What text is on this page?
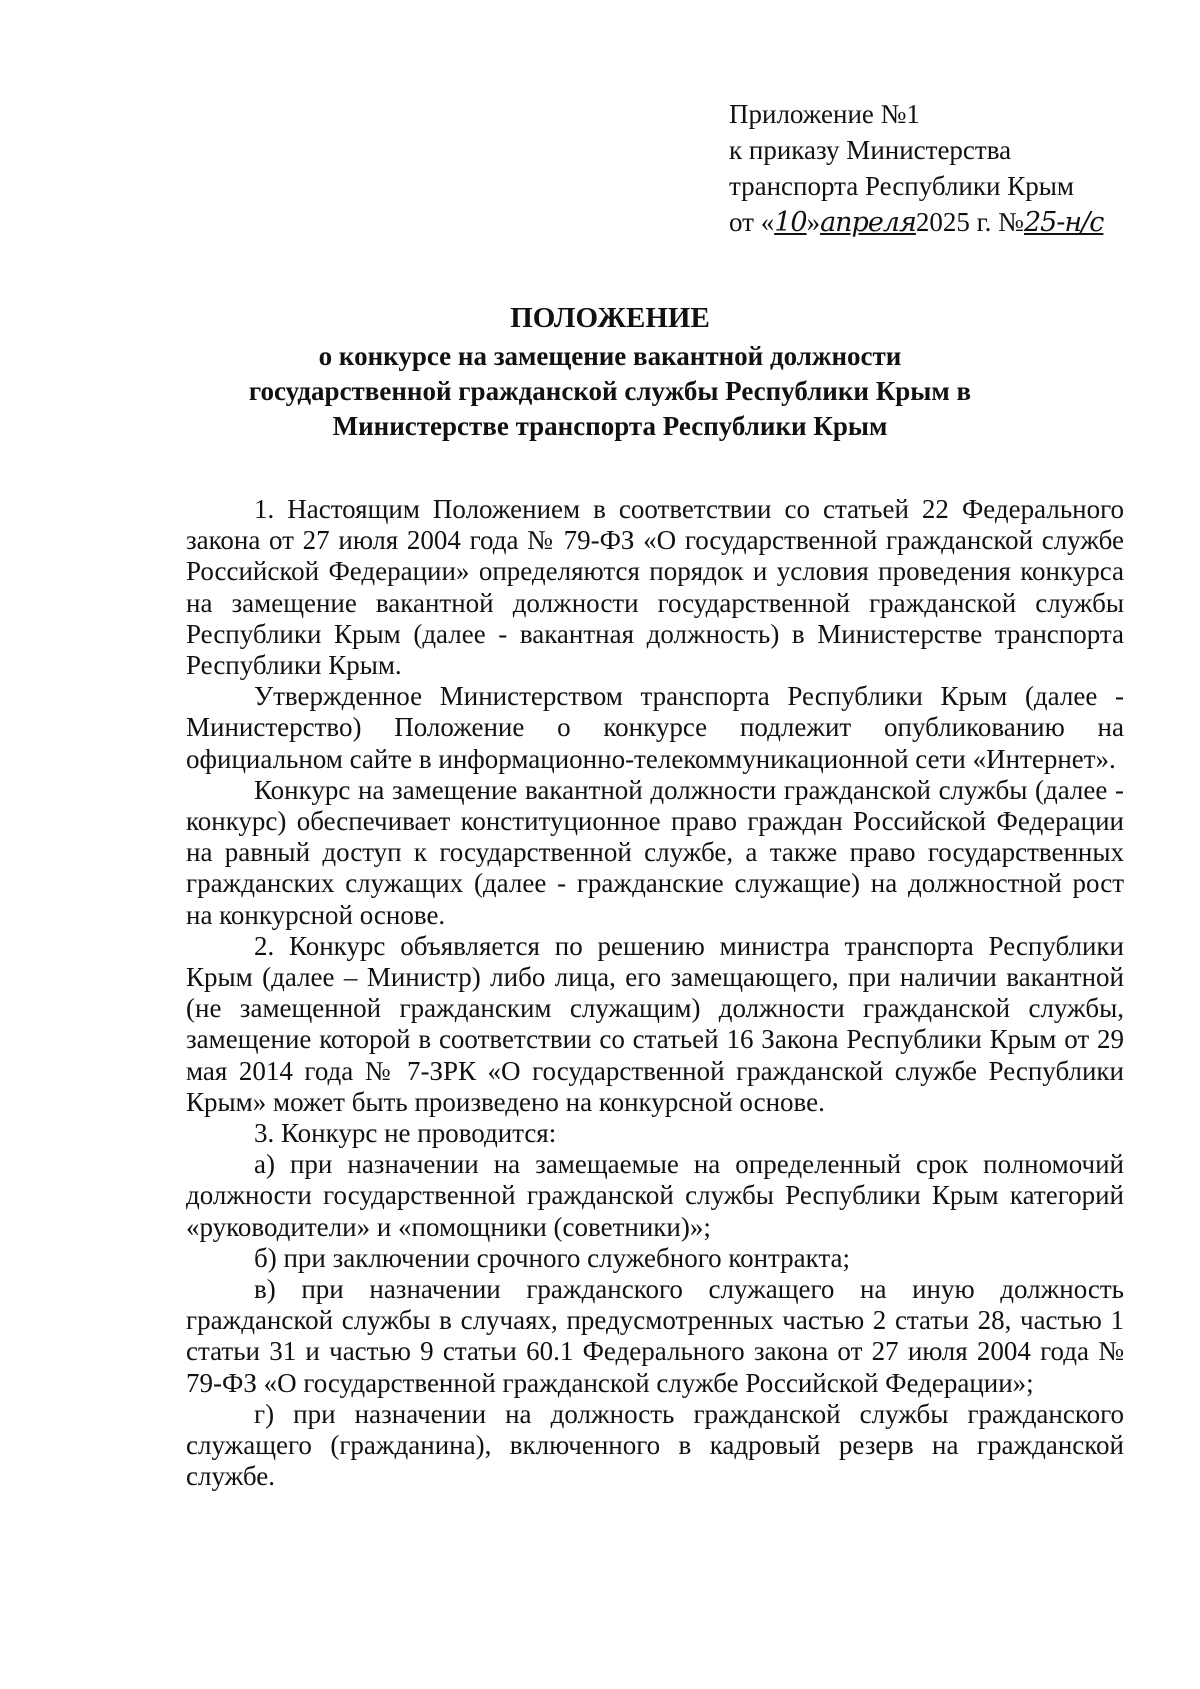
Приложение №1
к приказу Министерства
транспорта Республики Крым
от «10»апреля2025 г. №25-н/с
ПОЛОЖЕНИЕ
о конкурсе на замещение вакантной должности
государственной гражданской службы Республики Крым в
Министерстве транспорта Республики Крым

1. Настоящим Положением в соответствии со статьей 22 Федерального закона от 27 июля 2004 года № 79-ФЗ «О государственной гражданской службе Российской Федерации» определяются порядок и условия проведения конкурса на замещение вакантной должности государственной гражданской службы Республики Крым (далее - вакантная должность) в Министерстве транспорта Республики Крым.

Утвержденное Министерством транспорта Республики Крым (далее - Министерство) Положение о конкурсе подлежит опубликованию на официальном сайте в информационно-телекоммуникационной сети «Интернет».

Конкурс на замещение вакантной должности гражданской службы (далее - конкурс) обеспечивает конституционное право граждан Российской Федерации на равный доступ к государственной службе, а также право государственных гражданских служащих (далее - гражданские служащие) на должностной рост на конкурсной основе.

2. Конкурс объявляется по решению министра транспорта Республики Крым (далее – Министр) либо лица, его замещающего, при наличии вакантной (не замещенной гражданским служащим) должности гражданской службы, замещение которой в соответствии со статьей 16 Закона Республики Крым от 29 мая 2014 года № 7-ЗРК «О государственной гражданской службе Республики Крым» может быть произведено на конкурсной основе.

3. Конкурс не проводится:

а) при назначении на замещаемые на определенный срок полномочий должности государственной гражданской службы Республики Крым категорий «руководители» и «помощники (советники)»;

б) при заключении срочного служебного контракта;

в) при назначении гражданского служащего на иную должность гражданской службы в случаях, предусмотренных частью 2 статьи 28, частью 1 статьи 31 и частью 9 статьи 60.1 Федерального закона от 27 июля 2004 года № 79-ФЗ «О государственной гражданской службе Российской Федерации»;

г) при назначении на должность гражданской службы гражданского служащего (гражданина), включенного в кадровый резерв на гражданской службе.
